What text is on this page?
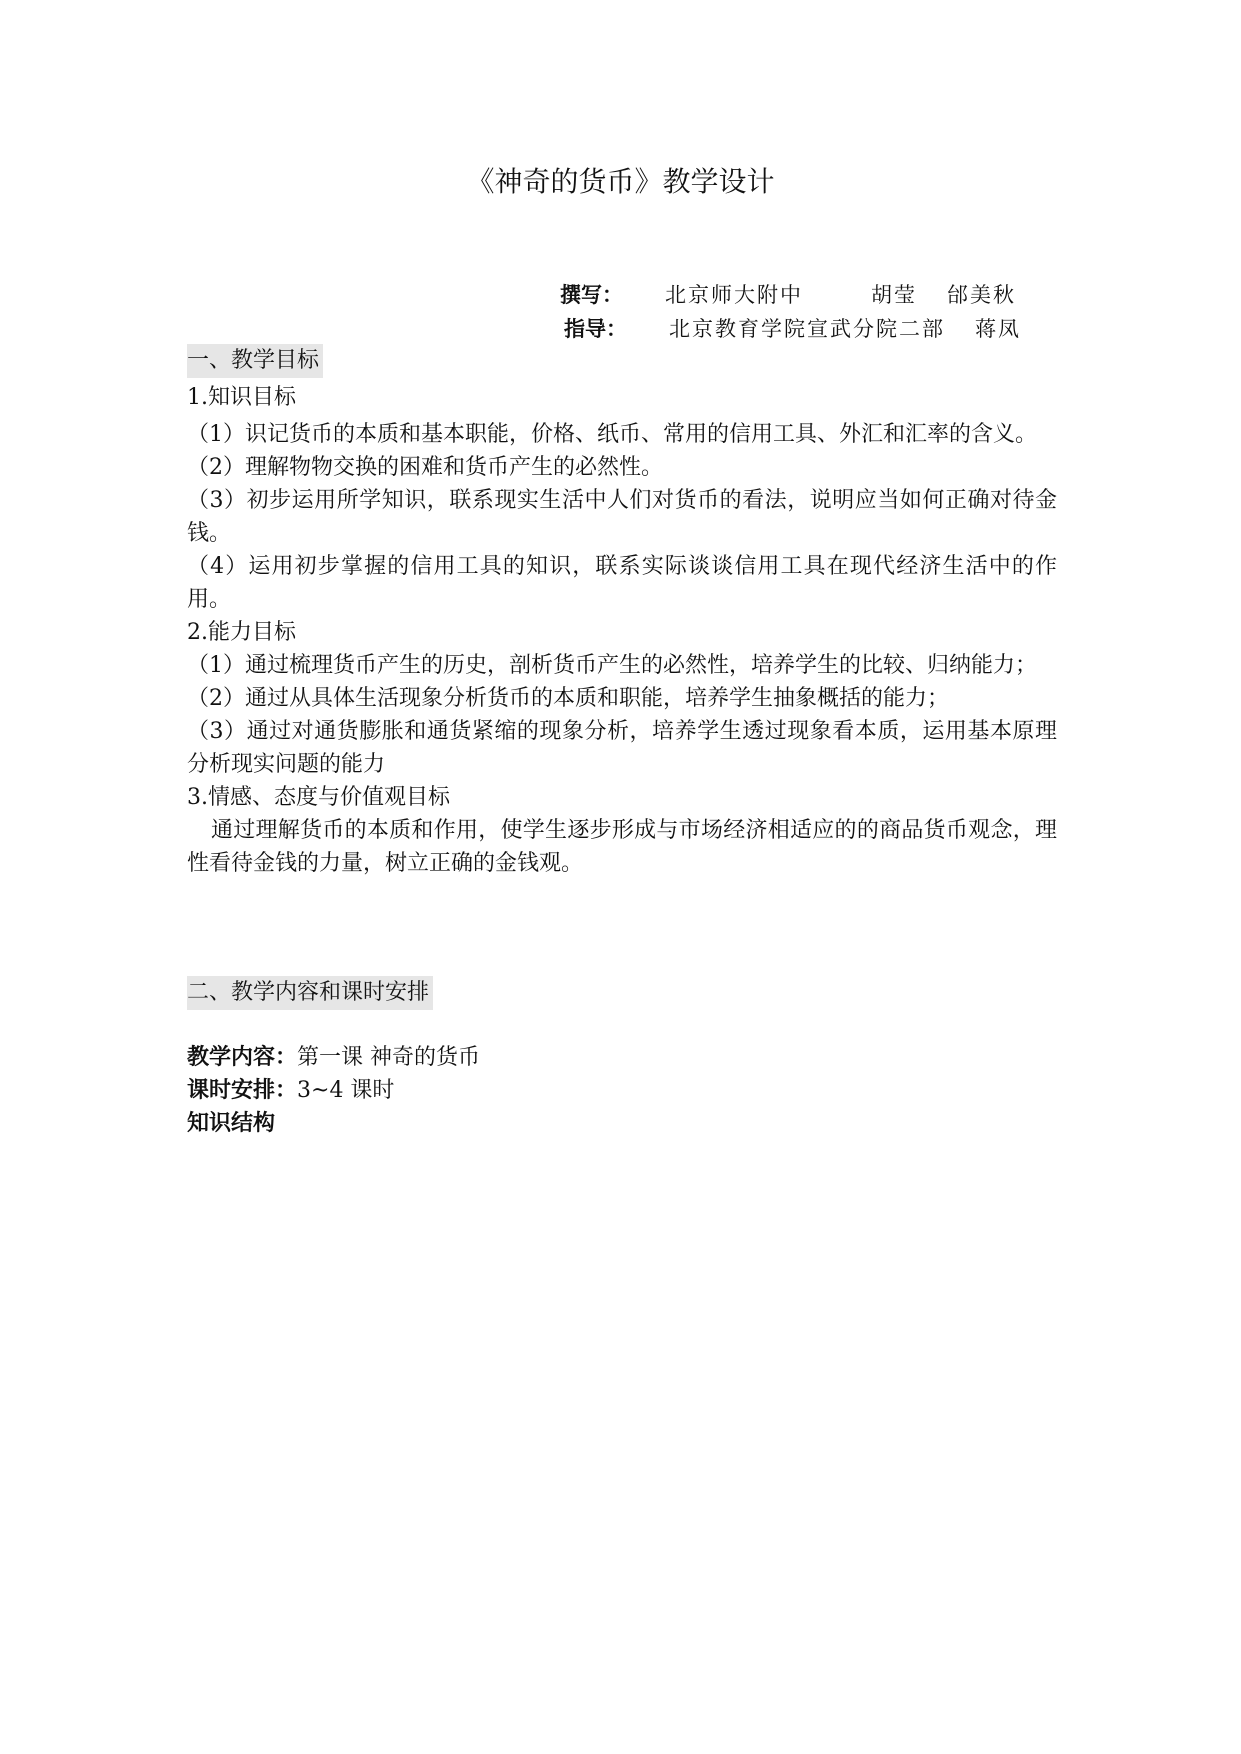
《神奇的货币》教学设计
撰写： 北京师大附中	胡莹 邰美秋
指导： 北京教育学院宣武分院二部 蒋凤
一、教学目标

1.知识目标

（1）识记货币的本质和基本职能，价格、纸币、常用的信用工具、外汇和汇率的含义。

（2）理解物物交换的困难和货币产生的必然性。

（3）初步运用所学知识，联系现实生活中人们对货币的看法，说明应当如何正确对待金钱。

（4）运用初步掌握的信用工具的知识，联系实际谈谈信用工具在现代经济生活中的作用。

2.能力目标

（1）通过梳理货币产生的历史，剖析货币产生的必然性，培养学生的比较、归纳能力；

（2）通过从具体生活现象分析货币的本质和职能，培养学生抽象概括的能力；

（3）通过对通货膨胀和通货紧缩的现象分析，培养学生透过现象看本质，运用基本原理分析现实问题的能力

3.情感、态度与价值观目标

通过理解货币的本质和作用，使学生逐步形成与市场经济相适应的的商品货币观念，理性看待金钱的力量，树立正确的金钱观。

二、教学内容和课时安排

教学内容：第一课 神奇的货币

课时安排：3~4 课时

知识结构
